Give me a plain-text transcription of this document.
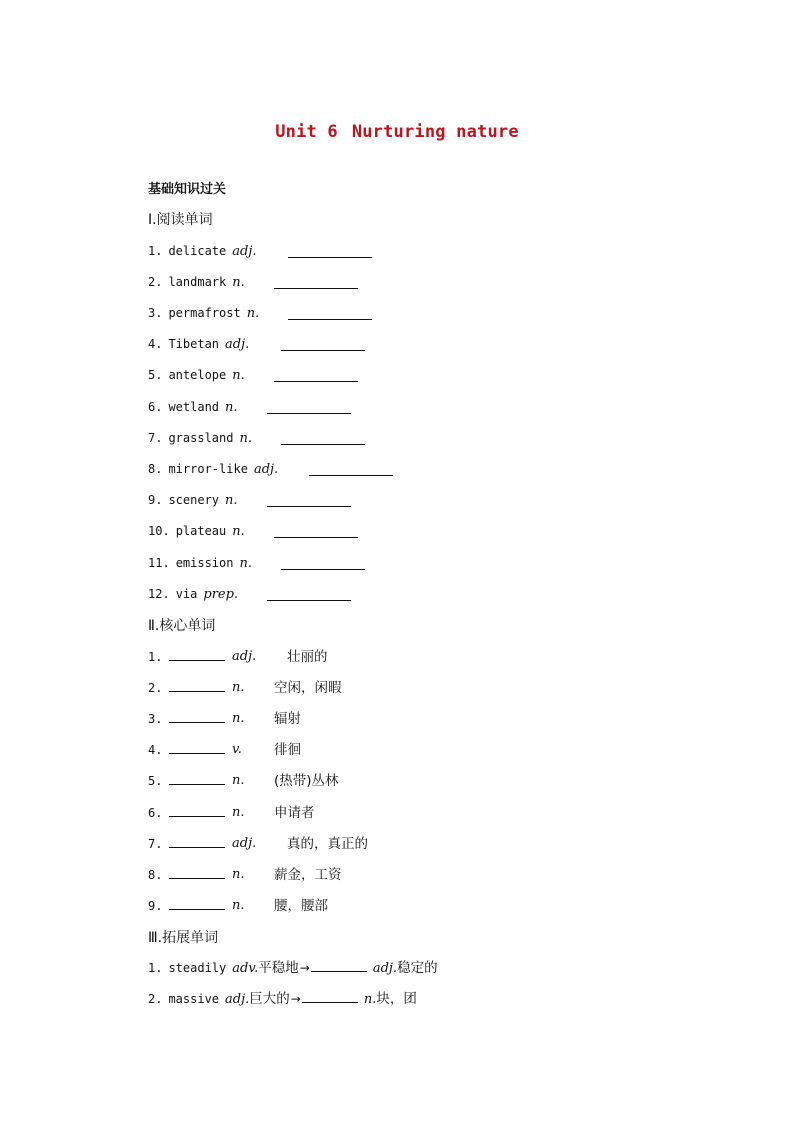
Unit 6 Nurturing nature
基础知识过关
Ⅰ.阅读单词
1. delicate adj.
2. landmark n.
3. permafrost n.
4. Tibetan adj.
5. antelope n.
6. wetland n.
7. grassland n.
8. mirror-like adj.
9. scenery n.
10. plateau n.
11. emission n.
12. via prep.
Ⅱ.核心单词
1.	adj. 壮丽的
2.	n. 空闲，闲暇
3.	n. 辐射
4.	v. 徘徊
5.	n. (热带)丛林
6.	n. 申请者
7.	adj. 真的，真正的
8.	n. 薪金，工资
9.	n. 腰，腰部
Ⅲ.拓展单词
1. steadily adv.平稳地→	adj.稳定的
2. massive adj.巨大的→	n.块，团
